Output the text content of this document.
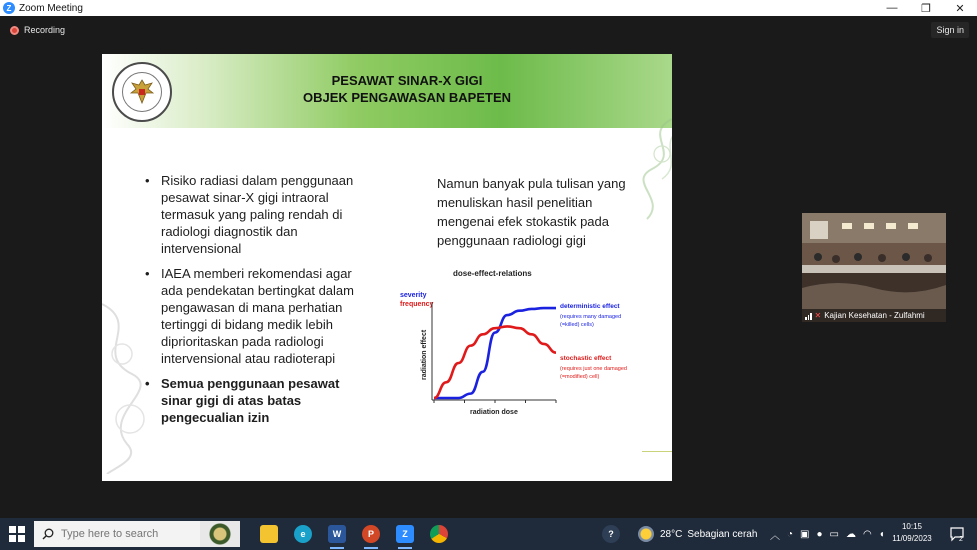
Z Zoom Meeting	—	❐	✕
Recording	Sign in
PESAWAT SINAR-X GIGI
OBJEK PENGAWASAN BAPETEN
• Risiko radiasi dalam penggunaan pesawat sinar-X gigi intraoral termasuk yang paling rendah di radiologi diagnostik dan intervensional
• IAEA memberi rekomendasi agar ada pendekatan bertingkat dalam pengawasan di mana perhatian tertinggi di bidang medik lebih diprioritaskan pada radiologi intervensional atau radioterapi
• Semua penggunaan pesawat sinar gigi di atas batas pengecualian izin
Namun banyak pula tulisan yang menuliskan hasil penelitian mengenai efek stokastik pada penggunaan radiologi gigi
dose-effect-relations
severity
frequency
radiation effect
radiation dose
deterministic effect
(requires many damaged
(=killed) cells)
stochastic effect
(requires just one damaged
(=modified) cell)
✕ Kajian Kesehatan - Zulfahmi
Type here to search
e	W	P	Z	?	28°C Sebagian cerah ︿ ◔ ▣ ● ▭ ☁ ◠ ◖
10:15
11/09/2023	2
